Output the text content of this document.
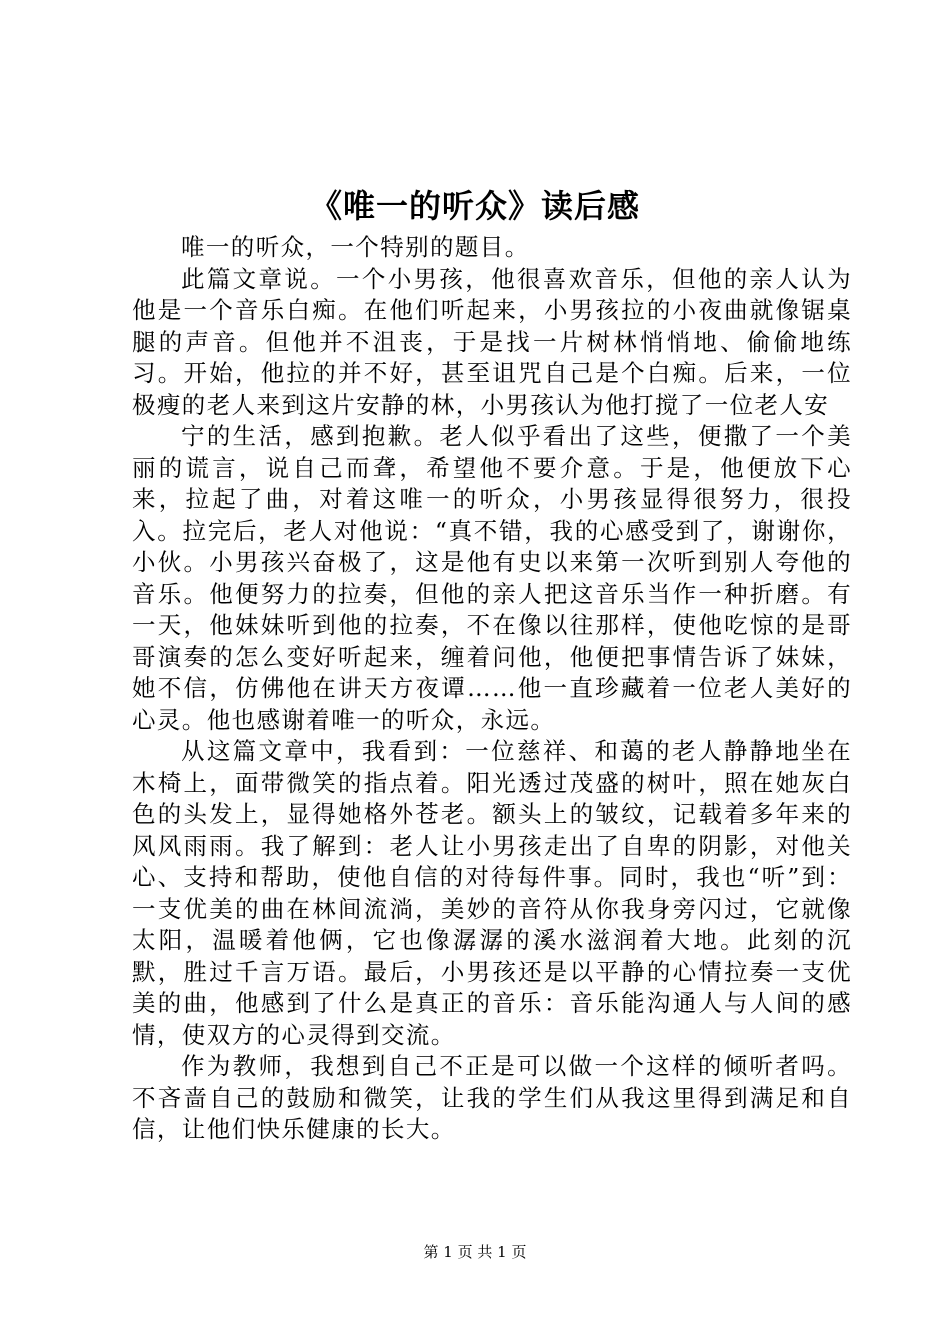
《唯一的听众》读后感

唯一的听众，一个特别的题目。

此篇文章说。一个小男孩，他很喜欢音乐，但他的亲人认为他是一个音乐白痴。在他们听起来，小男孩拉的小夜曲就像锯桌腿的声音。但他并不沮丧，于是找一片树林悄悄地、偷偷地练习。开始，他拉的并不好，甚至诅咒自己是个白痴。后来，一位极瘦的老人来到这片安静的林，小男孩认为他打搅了一位老人安

宁的生活，感到抱歉。老人似乎看出了这些，便撒了一个美丽的谎言，说自己而聋，希望他不要介意。于是，他便放下心来，拉起了曲，对着这唯一的听众，小男孩显得很努力，很投入。拉完后，老人对他说：“真不错，我的心感受到了，谢谢你，小伙。小男孩兴奋极了，这是他有史以来第一次听到别人夸他的音乐。他便努力的拉奏，但他的亲人把这音乐当作一种折磨。有一天，他妹妹听到他的拉奏，不在像以往那样，使他吃惊的是哥哥演奏的怎么变好听起来，缠着问他，他便把事情告诉了妹妹，她不信，仿佛他在讲天方夜谭……他一直珍藏着一位老人美好的心灵。他也感谢着唯一的听众，永远。

从这篇文章中，我看到：一位慈祥、和蔼的老人静静地坐在木椅上，面带微笑的指点着。阳光透过茂盛的树叶，照在她灰白色的头发上，显得她格外苍老。额头上的皱纹，记载着多年来的风风雨雨。我了解到：老人让小男孩走出了自卑的阴影，对他关心、支持和帮助，使他自信的对待每件事。同时，我也“听”到：一支优美的曲在林间流淌，美妙的音符从你我身旁闪过，它就像太阳，温暖着他俩，它也像潺潺的溪水滋润着大地。此刻的沉默，胜过千言万语。最后，小男孩还是以平静的心情拉奏一支优美的曲，他感到了什么是真正的音乐：音乐能沟通人与人间的感情，使双方的心灵得到交流。

作为教师，我想到自己不正是可以做一个这样的倾听者吗。不吝啬自己的鼓励和微笑，让我的学生们从我这里得到满足和自信，让他们快乐健康的长大。

第 1 页 共 1 页
